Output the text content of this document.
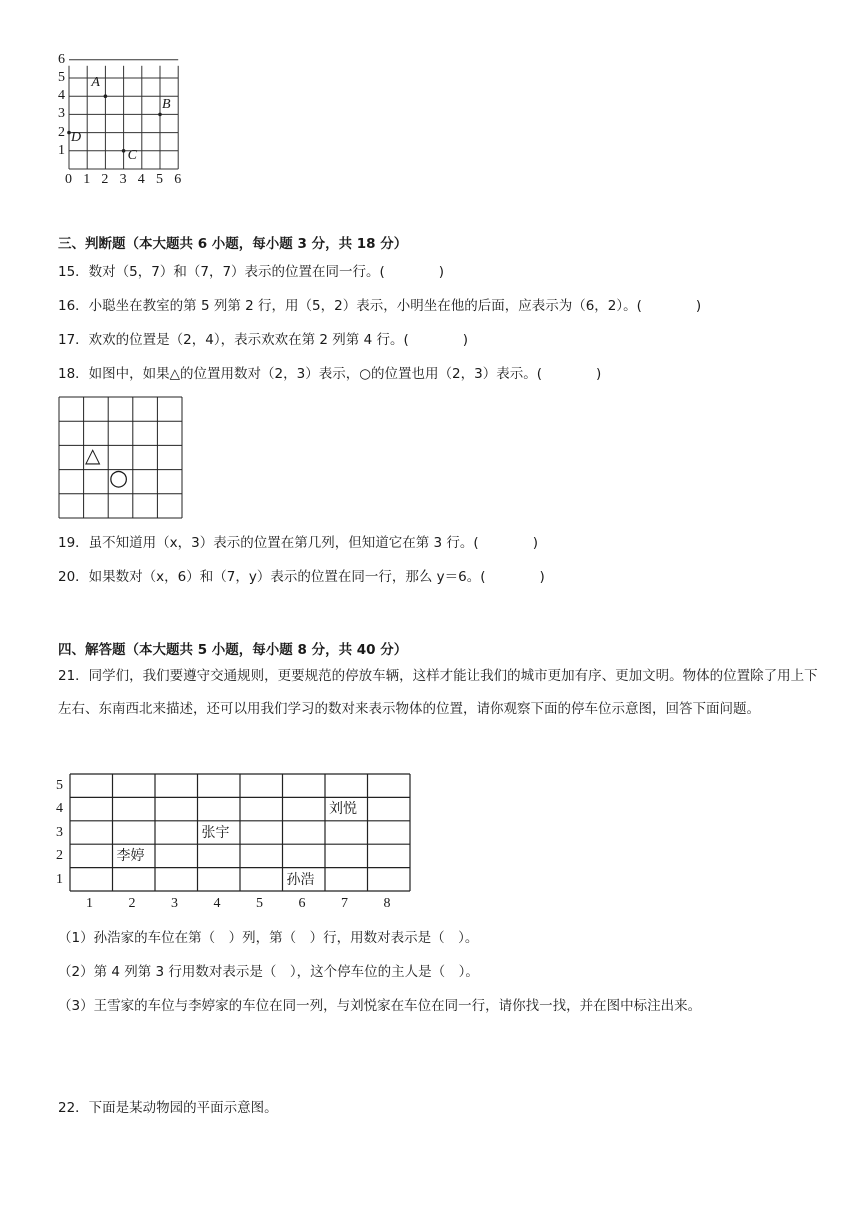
6
5
4
3
2
1
0 1 2 3 4 5 6
A
B
C
D
三、判断题（本大题共 6 小题，每小题 3 分，共 18 分）
15．数对（5，7）和（7，7）表示的位置在同一行。(　　　　)
16．小聪坐在教室的第 5 列第 2 行，用（5，2）表示，小明坐在他的后面，应表示为（6，2）。(　　　　)
17．欢欢的位置是（2，4），表示欢欢在第 2 列第 4 行。(　　　　)
18．如图中，如果△的位置用数对（2，3）表示，○的位置也用（2，3）表示。(　　　　)
△
○
19．虽不知道用（x，3）表示的位置在第几列，但知道它在第 3 行。(　　　　)
20．如果数对（x，6）和（7，y）表示的位置在同一行，那么 y＝6。(　　　　)
四、解答题（本大题共 5 小题，每小题 8 分，共 40 分）
21．同学们，我们要遵守交通规则，更要规范的停放车辆，这样才能让我们的城市更加有序、更加文明。物体的位置除了用上下左右、东南西北来描述，还可以用我们学习的数对来表示物体的位置，请你观察下面的停车位示意图，回答下面问题。
5
4
3
2
1
1	2	3	4	5	6	7	8
刘悦
张宇
李婷
孙浩
（1）孙浩家的车位在第（　）列，第（　）行，用数对表示是（　）。
（2）第 4 列第 3 行用数对表示是（　），这个停车位的主人是（　）。
（3）王雪家的车位与李婷家的车位在同一列，与刘悦家在车位在同一行，请你找一找，并在图中标注出来。
22．下面是某动物园的平面示意图。
